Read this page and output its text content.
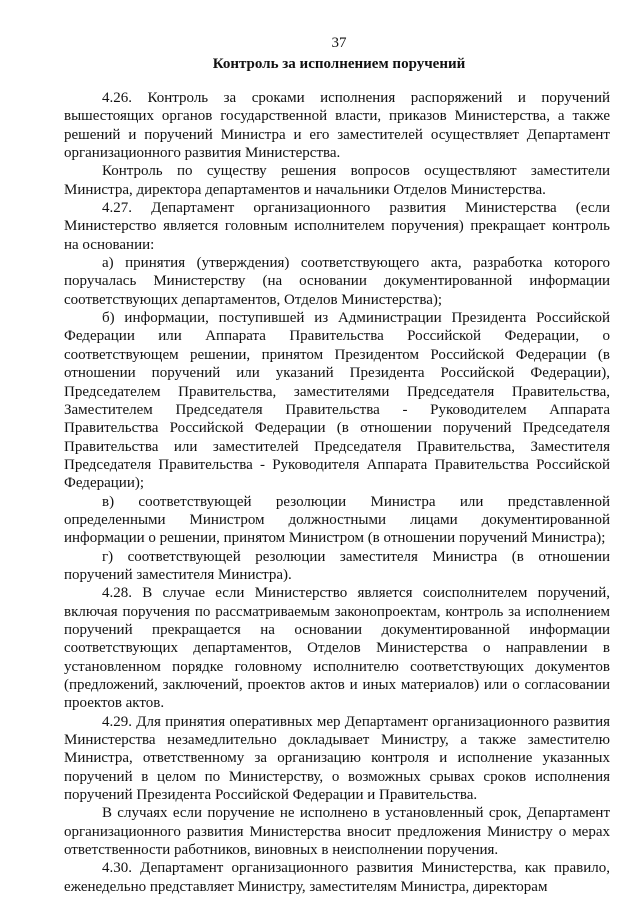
37
Контроль за исполнением поручений

4.26. Контроль за сроками исполнения распоряжений и поручений вышестоящих органов государственной власти, приказов Министерства, а также решений и поручений Министра и его заместителей осуществляет Департамент организационного развития Министерства.

Контроль по существу решения вопросов осуществляют заместители Министра, директора департаментов и начальники Отделов Министерства.

4.27. Департамент организационного развития Министерства (если Министерство является головным исполнителем поручения) прекращает контроль на основании:

а) принятия (утверждения) соответствующего акта, разработка которого поручалась Министерству (на основании документированной информации соответствующих департаментов, Отделов Министерства);

б) информации, поступившей из Администрации Президента Российской Федерации или Аппарата Правительства Российской Федерации, о соответствующем решении, принятом Президентом Российской Федерации (в отношении поручений или указаний Президента Российской Федерации), Председателем Правительства, заместителями Председателя Правительства, Заместителем Председателя Правительства - Руководителем Аппарата Правительства Российской Федерации (в отношении поручений Председателя Правительства или заместителей Председателя Правительства, Заместителя Председателя Правительства - Руководителя Аппарата Правительства Российской Федерации);

в) соответствующей резолюции Министра или представленной определенными Министром должностными лицами документированной информации о решении, принятом Министром (в отношении поручений Министра);

г) соответствующей резолюции заместителя Министра (в отношении поручений заместителя Министра).

4.28. В случае если Министерство является соисполнителем поручений, включая поручения по рассматриваемым законопроектам, контроль за исполнением поручений прекращается на основании документированной информации соответствующих департаментов, Отделов Министерства о направлении в установленном порядке головному исполнителю соответствующих документов (предложений, заключений, проектов актов и иных материалов) или о согласовании проектов актов.

4.29. Для принятия оперативных мер Департамент организационного развития Министерства незамедлительно докладывает Министру, а также заместителю Министра, ответственному за организацию контроля и исполнение указанных поручений в целом по Министерству, о возможных срывах сроков исполнения поручений Президента Российской Федерации и Правительства.

В случаях если поручение не исполнено в установленный срок, Департамент организационного развития Министерства вносит предложения Министру о мерах ответственности работников, виновных в неисполнении поручения.

4.30. Департамент организационного развития Министерства, как правило, еженедельно представляет Министру, заместителям Министра, директорам
